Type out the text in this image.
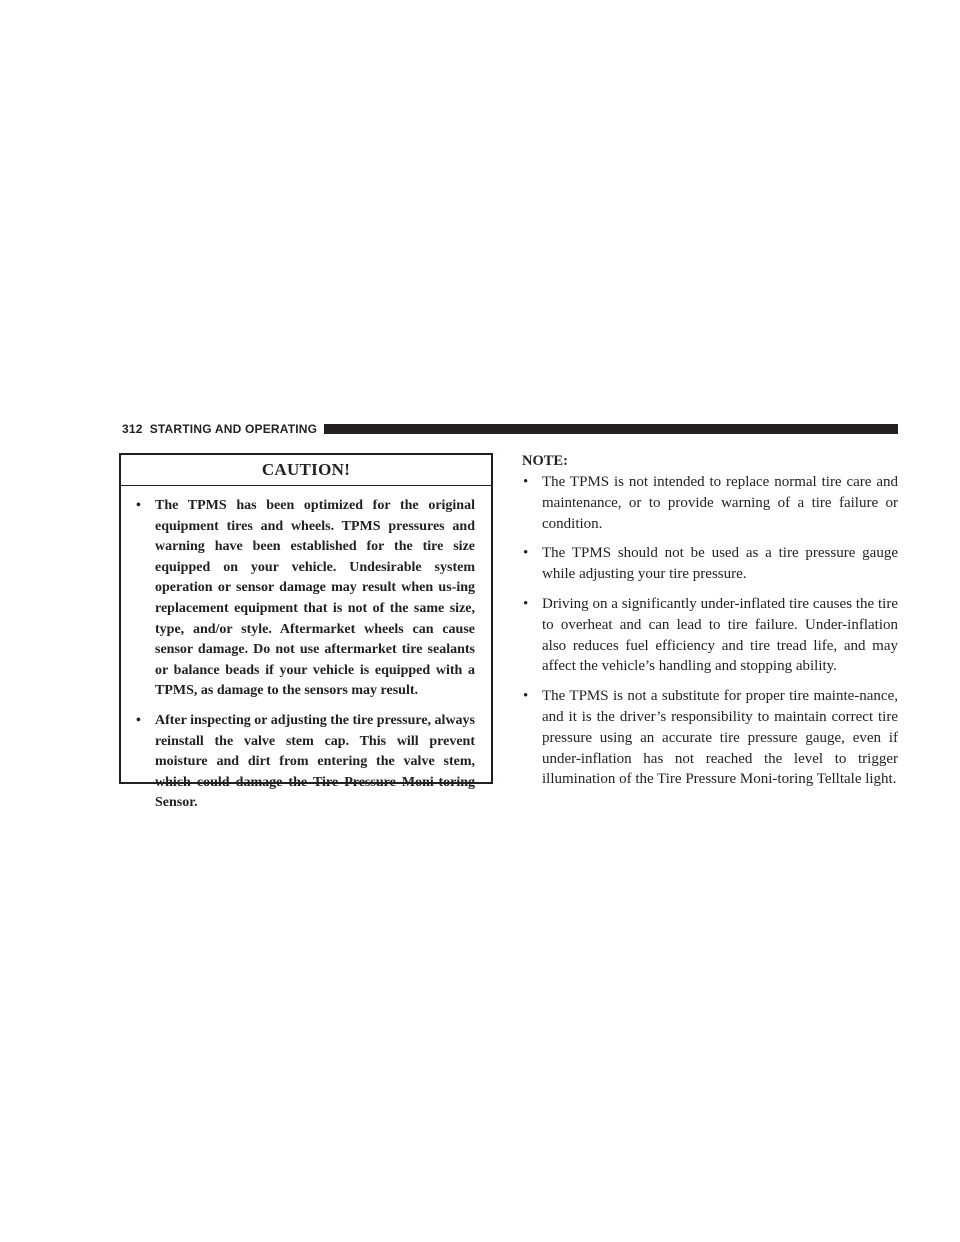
312 STARTING AND OPERATING
CAUTION!
• The TPMS has been optimized for the original equipment tires and wheels. TPMS pressures and warning have been established for the tire size equipped on your vehicle. Undesirable system operation or sensor damage may result when us-ing replacement equipment that is not of the same size, type, and/or style. Aftermarket wheels can cause sensor damage. Do not use aftermarket tire sealants or balance beads if your vehicle is equipped with a TPMS, as damage to the sensors may result.
• After inspecting or adjusting the tire pressure, always reinstall the valve stem cap. This will prevent moisture and dirt from entering the valve stem, which could damage the Tire Pressure Moni-toring Sensor.
NOTE:
• The TPMS is not intended to replace normal tire care and maintenance, or to provide warning of a tire failure or condition.
• The TPMS should not be used as a tire pressure gauge while adjusting your tire pressure.
• Driving on a significantly under-inflated tire causes the tire to overheat and can lead to tire failure. Under-inflation also reduces fuel efficiency and tire tread life, and may affect the vehicle’s handling and stopping ability.
• The TPMS is not a substitute for proper tire mainte-nance, and it is the driver’s responsibility to maintain correct tire pressure using an accurate tire pressure gauge, even if under-inflation has not reached the level to trigger illumination of the Tire Pressure Moni-toring Telltale light.
